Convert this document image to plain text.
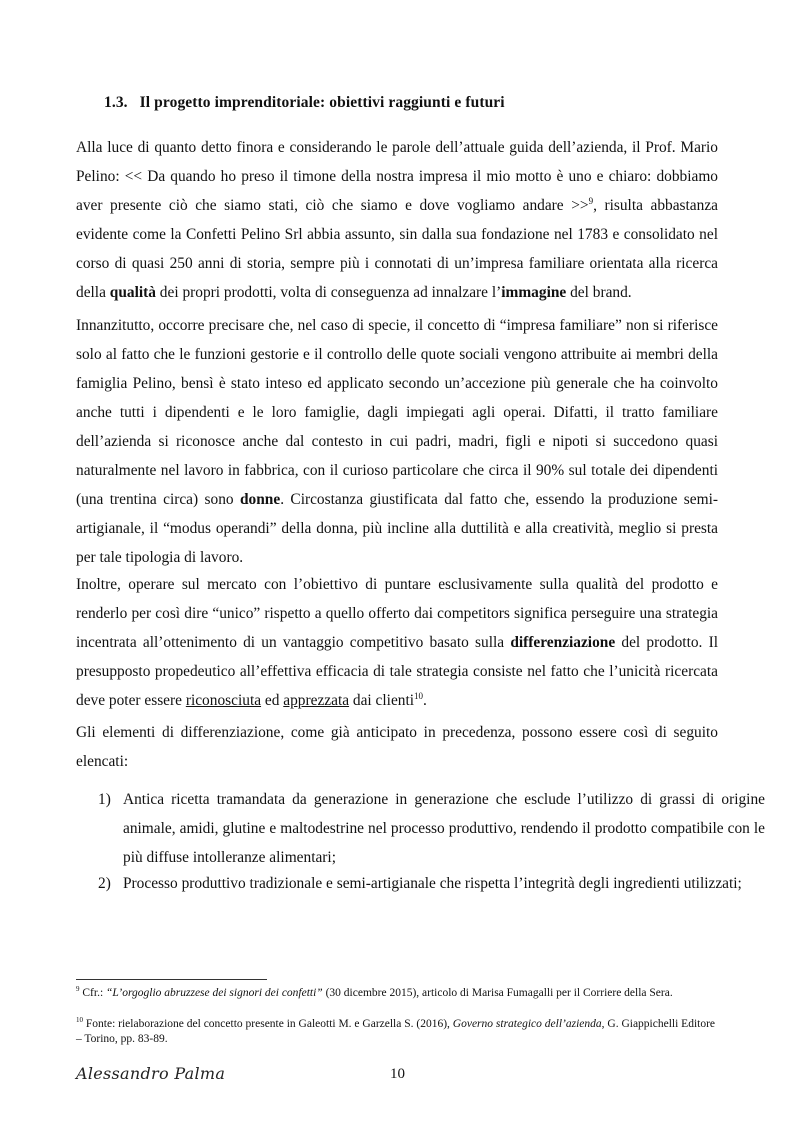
1.3. Il progetto imprenditoriale: obiettivi raggiunti e futuri

Alla luce di quanto detto finora e considerando le parole dell’attuale guida dell’azienda, il Prof. Mario Pelino: << Da quando ho preso il timone della nostra impresa il mio motto è uno e chiaro: dobbiamo aver presente ciò che siamo stati, ciò che siamo e dove vogliamo andare >>$^9$, risulta abbastanza evidente come la Confetti Pelino Srl abbia assunto, sin dalla sua fondazione nel 1783 e consolidato nel corso di quasi 250 anni di storia, sempre più i connotati di un’impresa familiare orientata alla ricerca della qualità dei propri prodotti, volta di conseguenza ad innalzare l’immagine del brand.

Innanzitutto, occorre precisare che, nel caso di specie, il concetto di “impresa familiare” non si riferisce solo al fatto che le funzioni gestorie e il controllo delle quote sociali vengono attribuite ai membri della famiglia Pelino, bensì è stato inteso ed applicato secondo un’accezione più generale che ha coinvolto anche tutti i dipendenti e le loro famiglie, dagli impiegati agli operai. Difatti, il tratto familiare dell’azienda si riconosce anche dal contesto in cui padri, madri, figli e nipoti si succedono quasi naturalmente nel lavoro in fabbrica, con il curioso particolare che circa il 90% sul totale dei dipendenti (una trentina circa) sono donne. Circostanza giustificata dal fatto che, essendo la produzione semi-artigianale, il “modus operandi” della donna, più incline alla duttilità e alla creatività, meglio si presta per tale tipologia di lavoro.

Inoltre, operare sul mercato con l’obiettivo di puntare esclusivamente sulla qualità del prodotto e renderlo per così dire “unico” rispetto a quello offerto dai competitors significa perseguire una strategia incentrata all’ottenimento di un vantaggio competitivo basato sulla differenziazione del prodotto. Il presupposto propedeutico all’effettiva efficacia di tale strategia consiste nel fatto che l’unicità ricercata deve poter essere riconosciuta ed apprezzata dai clienti$^{10}$.

Gli elementi di differenziazione, come già anticipato in precedenza, possono essere così di seguito elencati:

1) Antica ricetta tramandata da generazione in generazione che esclude l’utilizzo di grassi di origine animale, amidi, glutine e maltodestrine nel processo produttivo, rendendo il prodotto compatibile con le più diffuse intolleranze alimentari;
2) Processo produttivo tradizionale e semi-artigianale che rispetta l’integrità degli ingredienti utilizzati;
$^9$ Cfr.: “L’orgoglio abruzzese dei signori dei confetti” (30 dicembre 2015), articolo di Marisa Fumagalli per il Corriere della Sera.
$^{10}$ Fonte: rielaborazione del concetto presente in Galeotti M. e Garzella S. (2016), Governo strategico dell’azienda, G. Giappichelli Editore – Torino, pp. 83-89.
Alessandro Palma	10
